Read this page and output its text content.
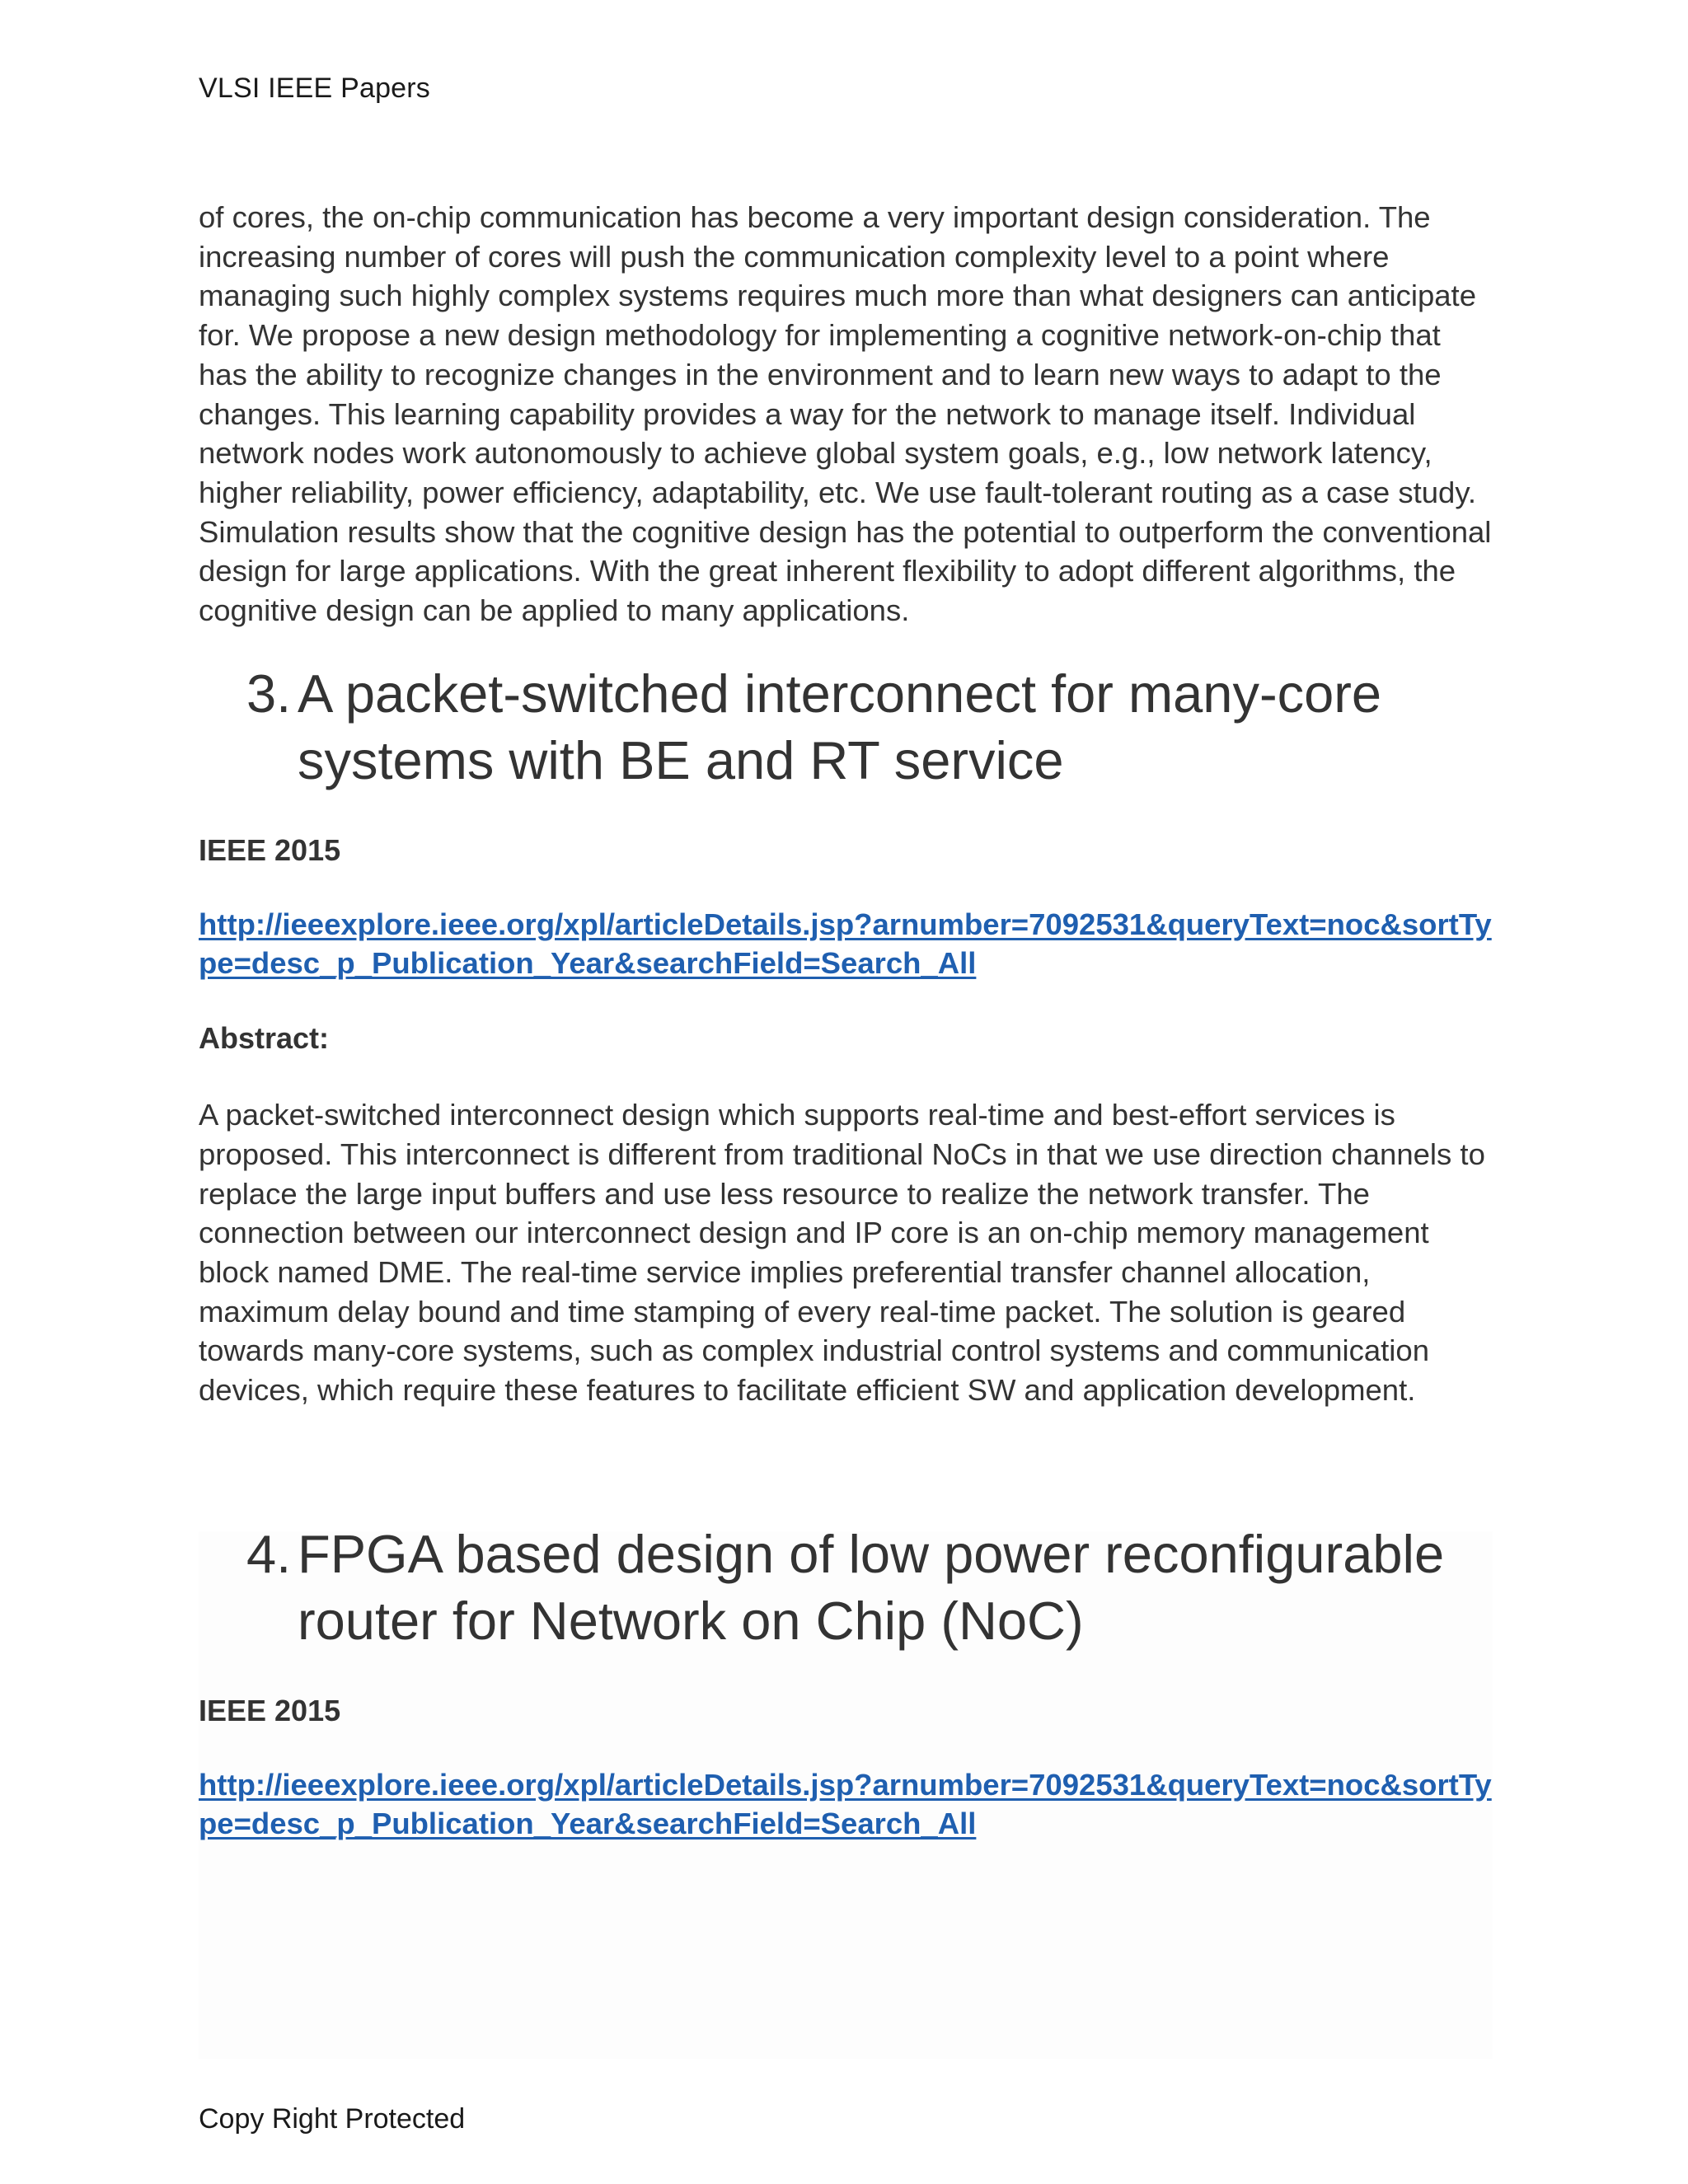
VLSI IEEE Papers

of cores, the on-chip communication has become a very important design consideration. The increasing number of cores will push the communication complexity level to a point where managing such highly complex systems requires much more than what designers can anticipate for. We propose a new design methodology for implementing a cognitive network-on-chip that has the ability to recognize changes in the environment and to learn new ways to adapt to the changes. This learning capability provides a way for the network to manage itself. Individual network nodes work autonomously to achieve global system goals, e.g., low network latency, higher reliability, power efficiency, adaptability, etc. We use fault-tolerant routing as a case study. Simulation results show that the cognitive design has the potential to outperform the conventional design for large applications. With the great inherent flexibility to adopt different algorithms, the cognitive design can be applied to many applications.

3. A packet-switched interconnect for many-core systems with BE and RT service

IEEE 2015

http://ieeexplore.ieee.org/xpl/articleDetails.jsp?arnumber=7092531&queryText=noc&sortType=desc_p_Publication_Year&searchField=Search_All

Abstract:

A packet-switched interconnect design which supports real-time and best-effort services is proposed. This interconnect is different from traditional NoCs in that we use direction channels to replace the large input buffers and use less resource to realize the network transfer. The connection between our interconnect design and IP core is an on-chip memory management block named DME. The real-time service implies preferential transfer channel allocation, maximum delay bound and time stamping of every real-time packet. The solution is geared towards many-core systems, such as complex industrial control systems and communication devices, which require these features to facilitate efficient SW and application development.

4. FPGA based design of low power reconfigurable router for Network on Chip (NoC)

IEEE 2015

http://ieeexplore.ieee.org/xpl/articleDetails.jsp?arnumber=7092531&queryText=noc&sortType=desc_p_Publication_Year&searchField=Search_All
Copy Right Protected
